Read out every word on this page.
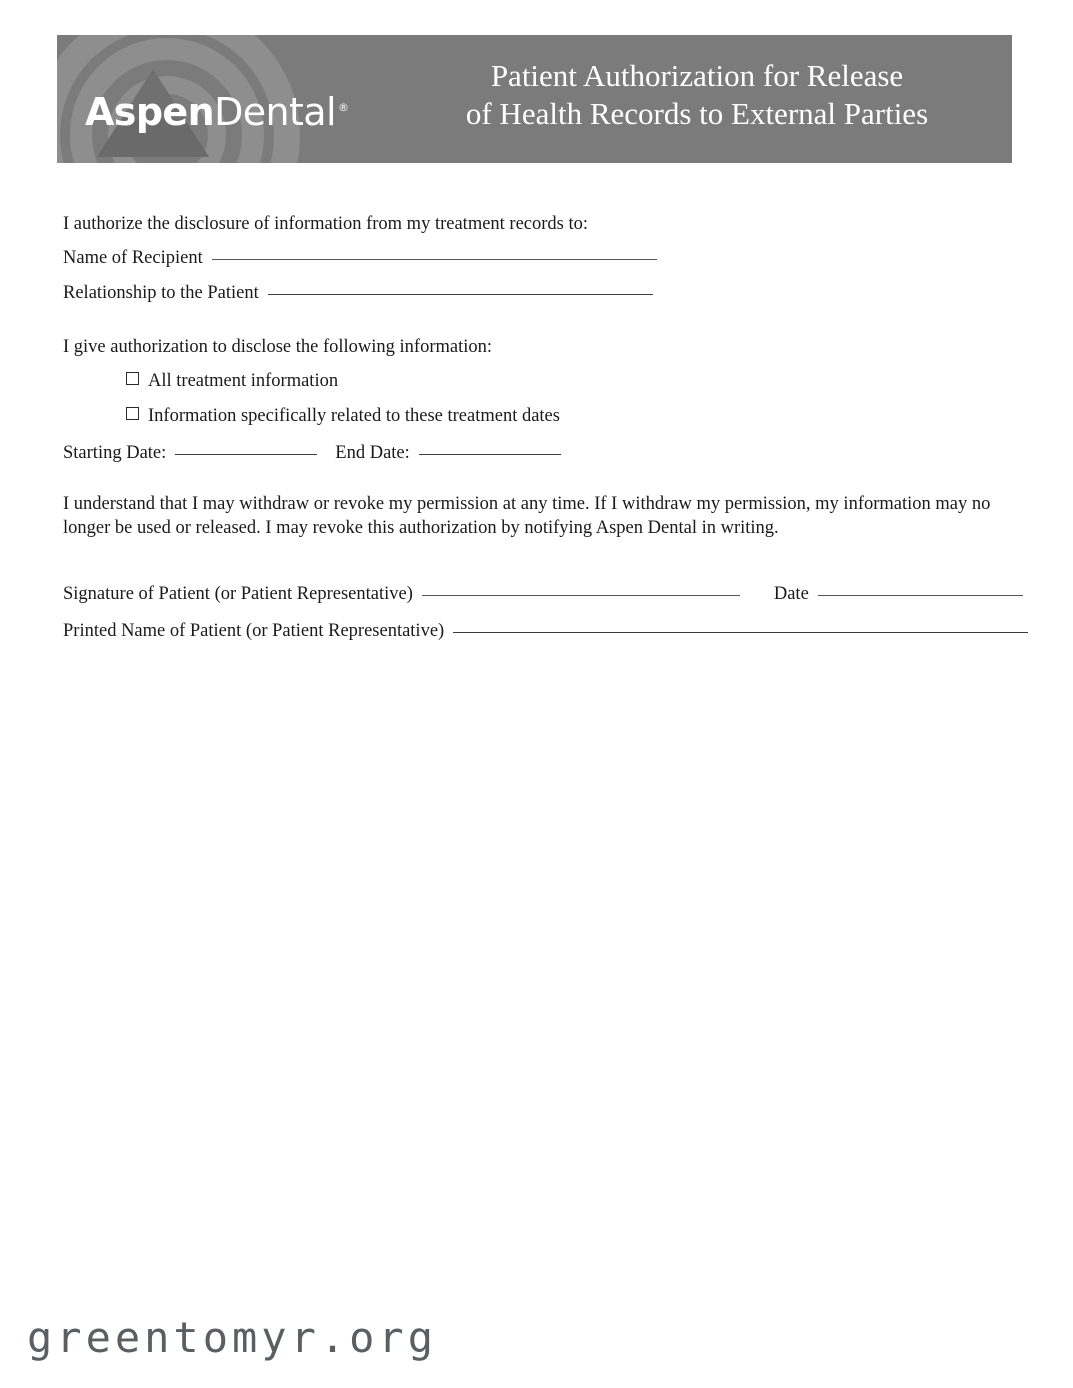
AspenDental ®
Patient Authorization for Release
of Health Records to External Parties
I authorize the disclosure of information from my treatment records to:
Name of Recipient
Relationship to the Patient
I give authorization to disclose the following information:
All treatment information
Information specifically related to these treatment dates
Starting Date:	End Date:
I understand that I may withdraw or revoke my permission at any time. If I withdraw my permission, my information may no longer be used or released. I may revoke this authorization by notifying Aspen Dental in writing.
Signature of Patient (or Patient Representative)	Date
Printed Name of Patient (or Patient Representative)
greentomyr.org
